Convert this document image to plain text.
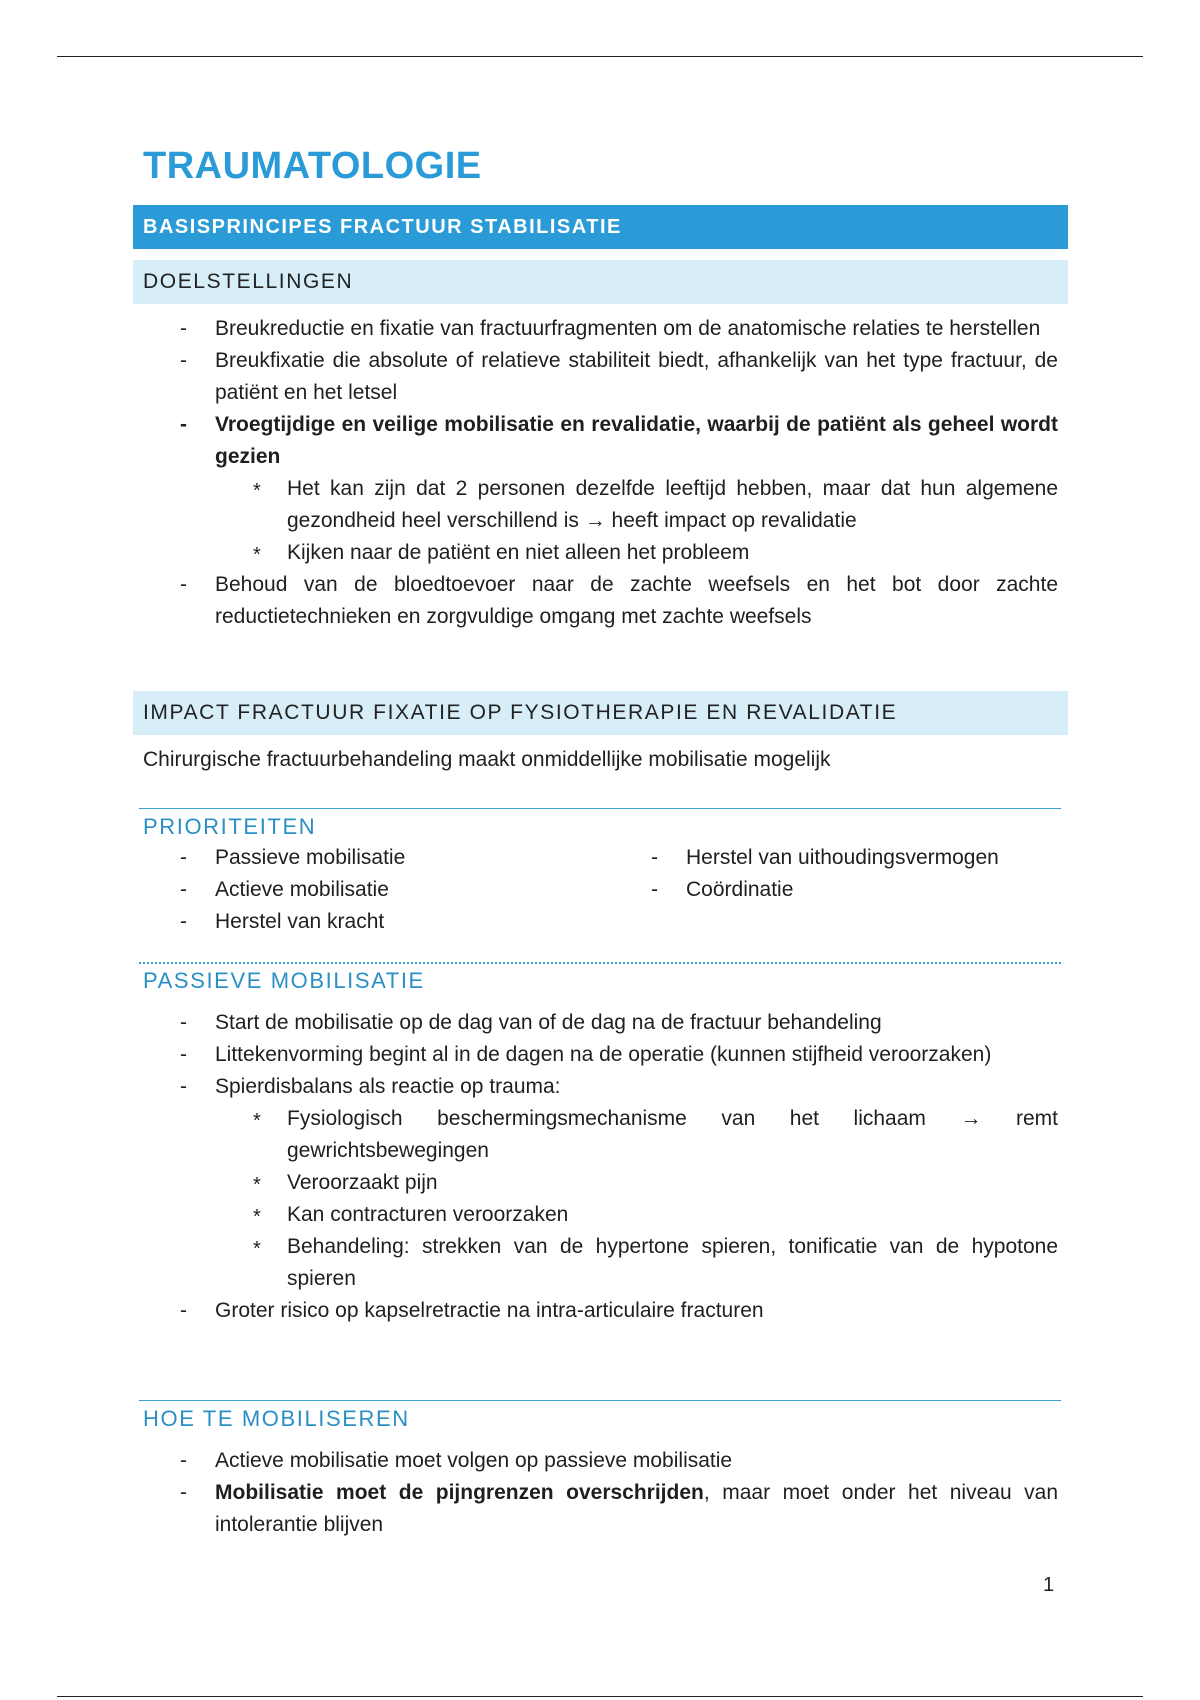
TRAUMATOLOGIE
BASISPRINCIPES FRACTUUR STABILISATIE
DOELSTELLINGEN
- Breukreductie en fixatie van fractuurfragmenten om de anatomische relaties te herstellen
- Breukfixatie die absolute of relatieve stabiliteit biedt, afhankelijk van het type fractuur, de patiënt en het letsel
- Vroegtijdige en veilige mobilisatie en revalidatie, waarbij de patiënt als geheel wordt gezien
* Het kan zijn dat 2 personen dezelfde leeftijd hebben, maar dat hun algemene gezondheid heel verschillend is → heeft impact op revalidatie
* Kijken naar de patiënt en niet alleen het probleem
- Behoud van de bloedtoevoer naar de zachte weefsels en het bot door zachte reductietechnieken en zorgvuldige omgang met zachte weefsels
IMPACT FRACTUUR FIXATIE OP FYSIOTHERAPIE EN REVALIDATIE
Chirurgische fractuurbehandeling maakt onmiddellijke mobilisatie mogelijk
PRIORITEITEN
- Passieve mobilisatie
- Actieve mobilisatie
- Herstel van kracht
- Herstel van uithoudingsvermogen
- Coördinatie
PASSIEVE MOBILISATIE
- Start de mobilisatie op de dag van of de dag na de fractuur behandeling
- Littekenvorming begint al in de dagen na de operatie (kunnen stijfheid veroorzaken)
- Spierdisbalans als reactie op trauma:
* Fysiologisch beschermingsmechanisme van het lichaam → remt gewrichtsbewegingen
* Veroorzaakt pijn
* Kan contracturen veroorzaken
* Behandeling: strekken van de hypertone spieren, tonificatie van de hypotone spieren
- Groter risico op kapselretractie na intra-articulaire fracturen
HOE TE MOBILISEREN
- Actieve mobilisatie moet volgen op passieve mobilisatie
- Mobilisatie moet de pijngrenzen overschrijden, maar moet onder het niveau van intolerantie blijven
1
